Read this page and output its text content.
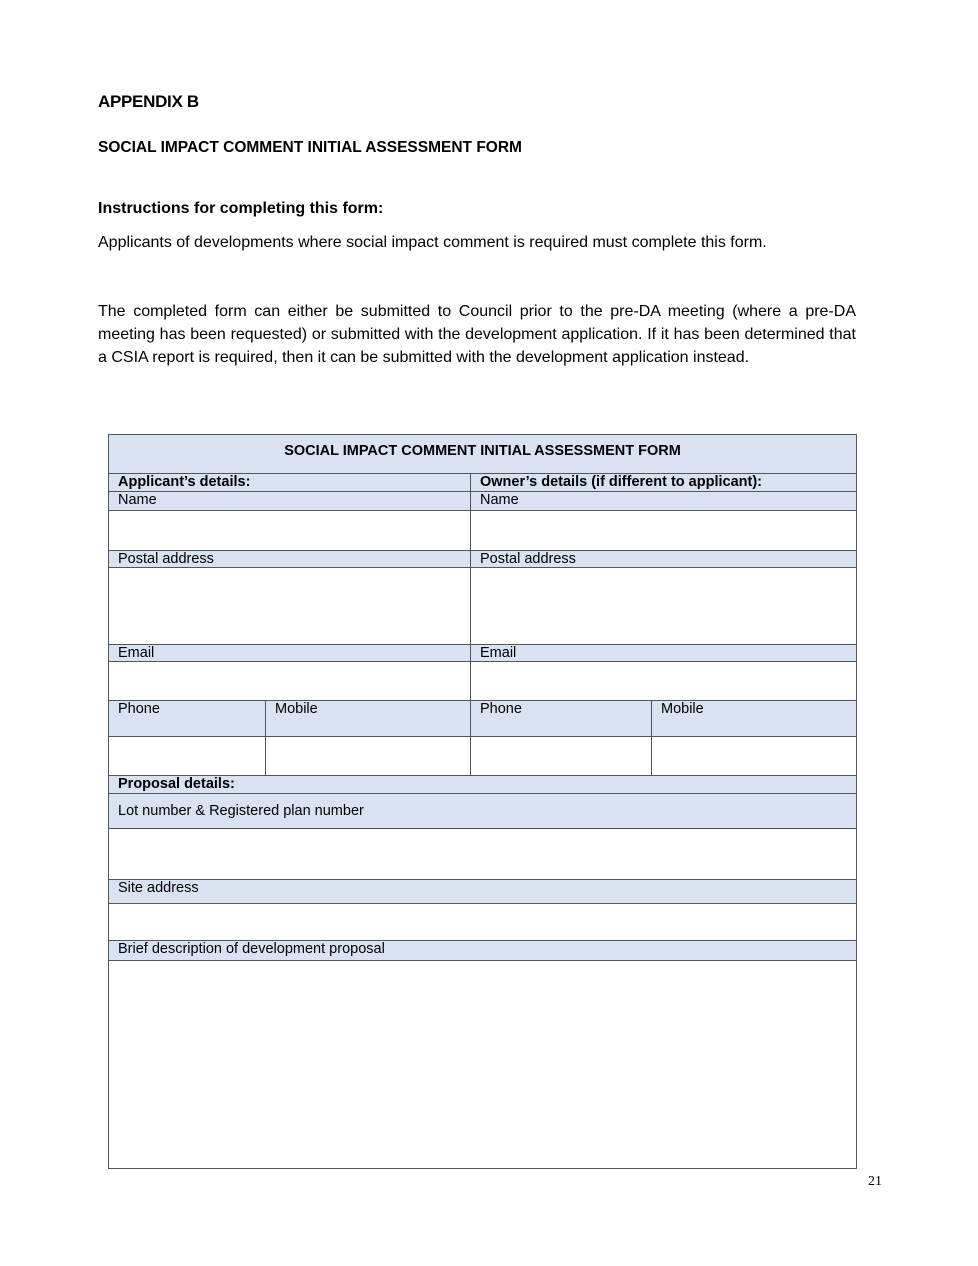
APPENDIX B
SOCIAL IMPACT COMMENT INITIAL ASSESSMENT FORM
Instructions for completing this form:
Applicants of developments where social impact comment is required must complete this form.
The completed form can either be submitted to Council prior to the pre-DA meeting (where a pre-DA meeting has been requested) or submitted with the development application. If it has been determined that a CSIA report is required, then it can be submitted with the development application instead.
SOCIAL IMPACT COMMENT INITIAL ASSESSMENT FORM
Applicant’s details:	Owner’s details (if different to applicant):
Name	Name
Postal address	Postal address
Email	Email
Phone	Mobile	Phone	Mobile
Proposal details:
Lot number & Registered plan number
Site address
Brief description of development proposal
21
